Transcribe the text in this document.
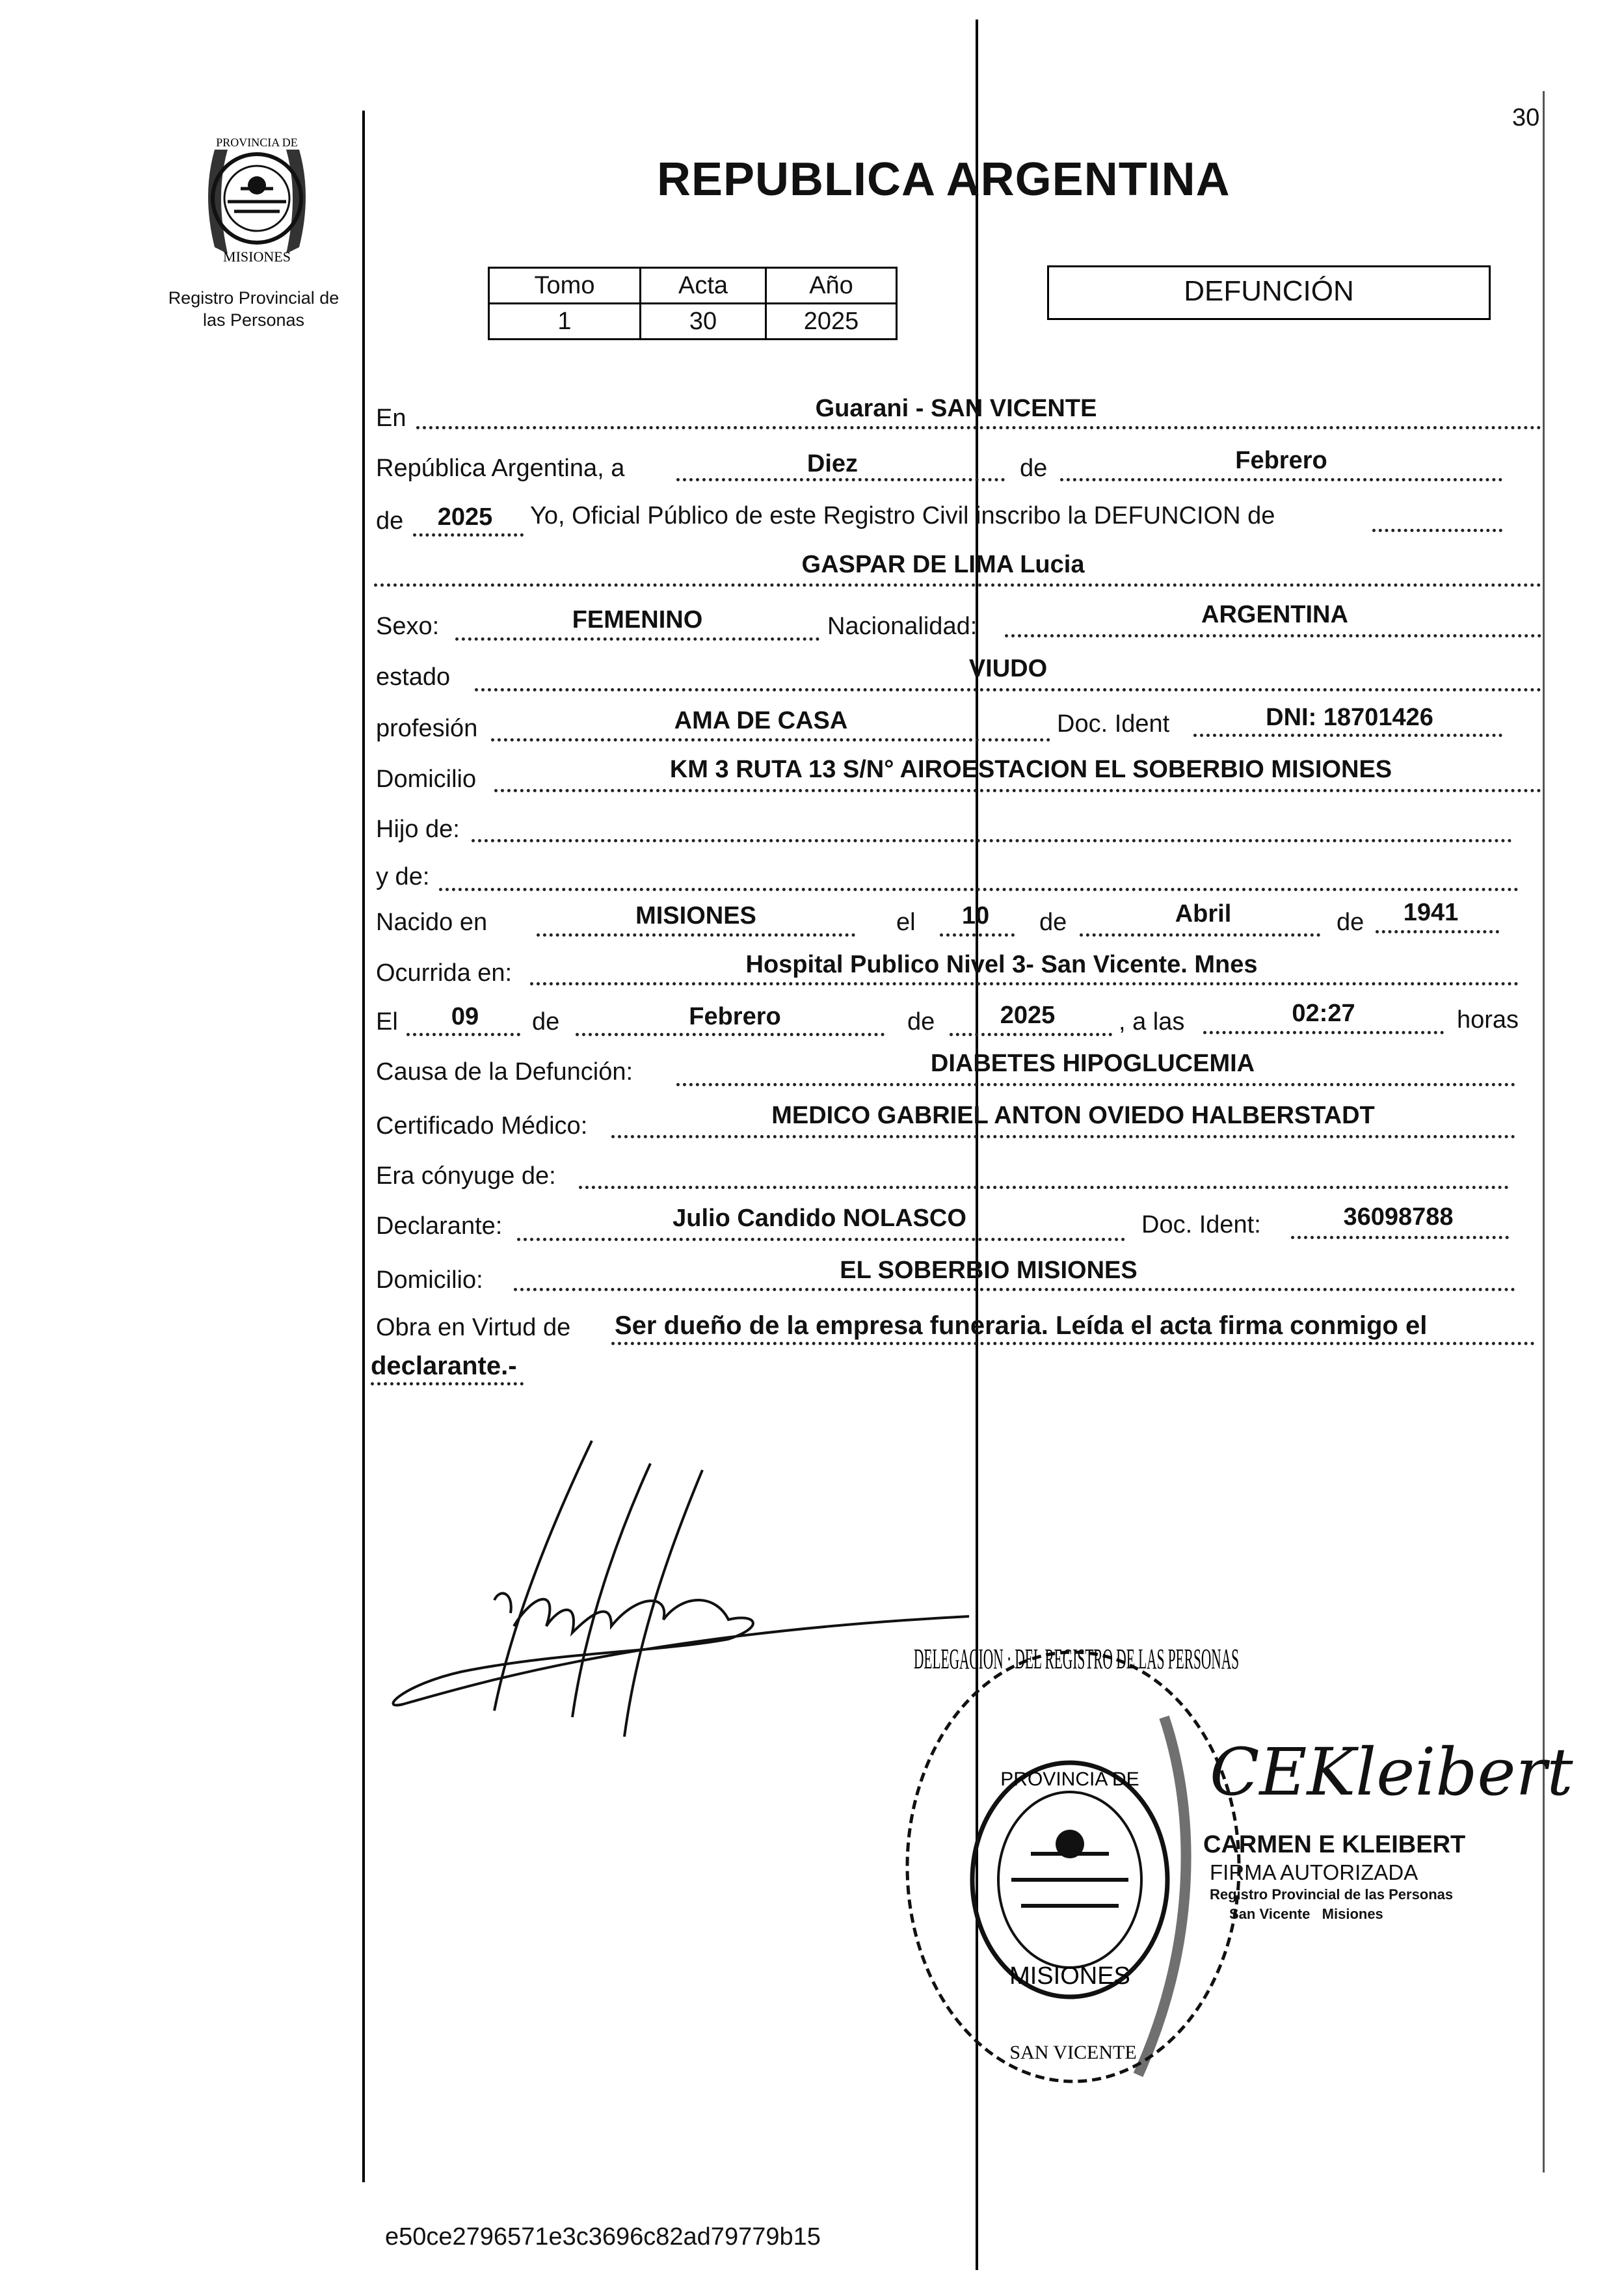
30
PROVINCIA DE
MISIONES
Registro Provincial de
las Personas
REPUBLICA ARGENTINA
Tomo	Acta	Año
1	30	2025
DEFUNCIÓN
En	Guarani - SAN VICENTE
República Argentina, a	Diez	de	Febrero
de	2025	Yo, Oficial Público de este Registro Civil inscribo la DEFUNCION de
GASPAR DE LIMA Lucia
Sexo:	FEMENINO	Nacionalidad:	ARGENTINA
estado	VIUDO
profesión	AMA DE CASA	Doc. Ident	DNI: 18701426
Domicilio	KM 3 RUTA 13 S/N° AIROESTACION EL SOBERBIO MISIONES
Hijo de:
y de:
Nacido en	MISIONES	el	10	de	Abril	de	1941
Ocurrida en:	Hospital Publico Nivel 3- San Vicente. Mnes
El	09	de	Febrero	de	2025	, a las	02:27	horas
Causa de la Defunción:	DIABETES HIPOGLUCEMIA
Certificado Médico:	MEDICO GABRIEL ANTON OVIEDO HALBERSTADT
Era cónyuge de:
Declarante:	Julio Candido NOLASCO	Doc. Ident:	36098788
Domicilio:	EL SOBERBIO MISIONES
Obra en Virtud de Ser dueño de la empresa funeraria. Leída el acta firma conmigo el
declarante.-
DELEGACION · DEL REGISTRO DE LAS PERSONAS
PROVINCIA DE
MISIONES
SAN VICENTE
CEKleibert
CARMEN E KLEIBERT
FIRMA AUTORIZADA
Registro Provincial de las Personas
San Vicente   Misiones
e50ce2796571e3c3696c82ad79779b15
